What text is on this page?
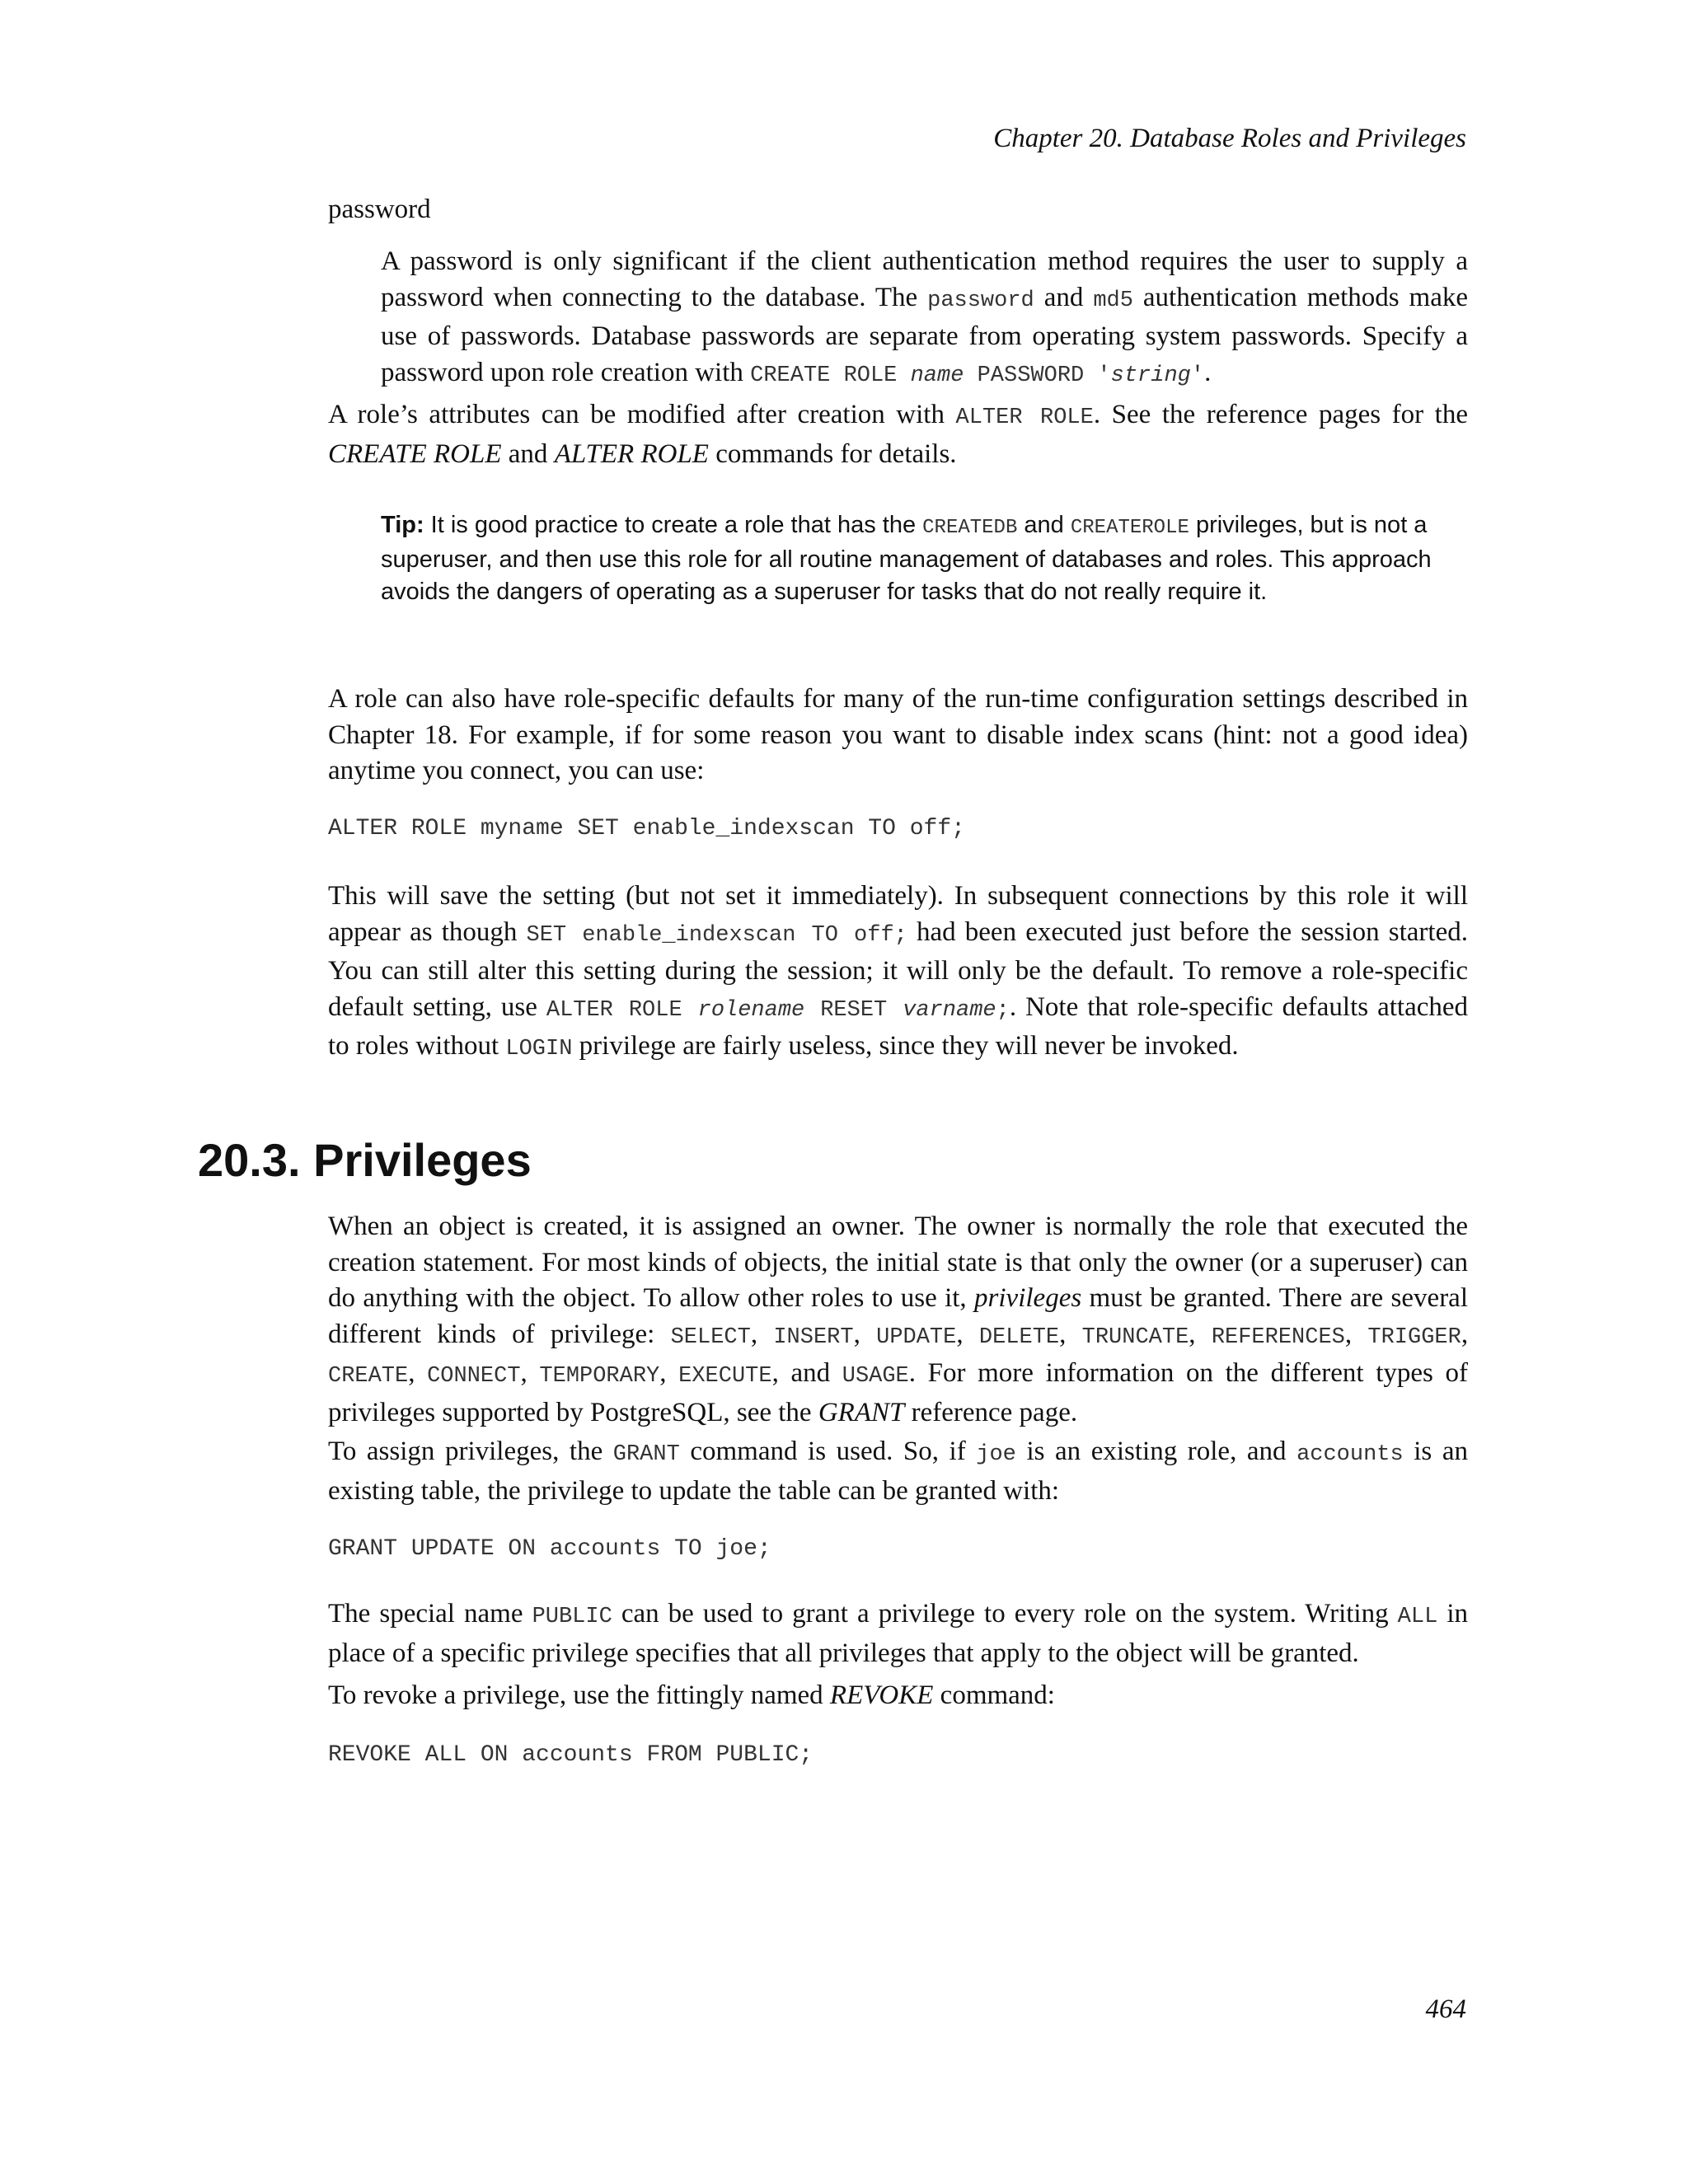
Chapter 20. Database Roles and Privileges
password

A password is only significant if the client authentication method requires the user to supply a password when connecting to the database. The password and md5 authentication methods make use of passwords. Database passwords are separate from operating system passwords. Specify a password upon role creation with CREATE ROLE name PASSWORD 'string'.

A role’s attributes can be modified after creation with ALTER ROLE. See the reference pages for the CREATE ROLE and ALTER ROLE commands for details.

Tip: It is good practice to create a role that has the CREATEDB and CREATEROLE privileges, but is not a superuser, and then use this role for all routine management of databases and roles. This approach avoids the dangers of operating as a superuser for tasks that do not really require it.

A role can also have role-specific defaults for many of the run-time configuration settings described in Chapter 18. For example, if for some reason you want to disable index scans (hint: not a good idea) anytime you connect, you can use:

ALTER ROLE myname SET enable_indexscan TO off;

This will save the setting (but not set it immediately). In subsequent connections by this role it will appear as though SET enable_indexscan TO off; had been executed just before the session started. You can still alter this setting during the session; it will only be the default. To remove a role-specific default setting, use ALTER ROLE rolename RESET varname;. Note that role-specific defaults attached to roles without LOGIN privilege are fairly useless, since they will never be invoked.

20.3. Privileges

When an object is created, it is assigned an owner. The owner is normally the role that executed the creation statement. For most kinds of objects, the initial state is that only the owner (or a superuser) can do anything with the object. To allow other roles to use it, privileges must be granted. There are several different kinds of privilege: SELECT, INSERT, UPDATE, DELETE, TRUNCATE, REFERENCES, TRIGGER, CREATE, CONNECT, TEMPORARY, EXECUTE, and USAGE. For more information on the different types of privileges supported by PostgreSQL, see the GRANT reference page.

To assign privileges, the GRANT command is used. So, if joe is an existing role, and accounts is an existing table, the privilege to update the table can be granted with:

GRANT UPDATE ON accounts TO joe;

The special name PUBLIC can be used to grant a privilege to every role on the system. Writing ALL in place of a specific privilege specifies that all privileges that apply to the object will be granted.

To revoke a privilege, use the fittingly named REVOKE command:

REVOKE ALL ON accounts FROM PUBLIC;
464
